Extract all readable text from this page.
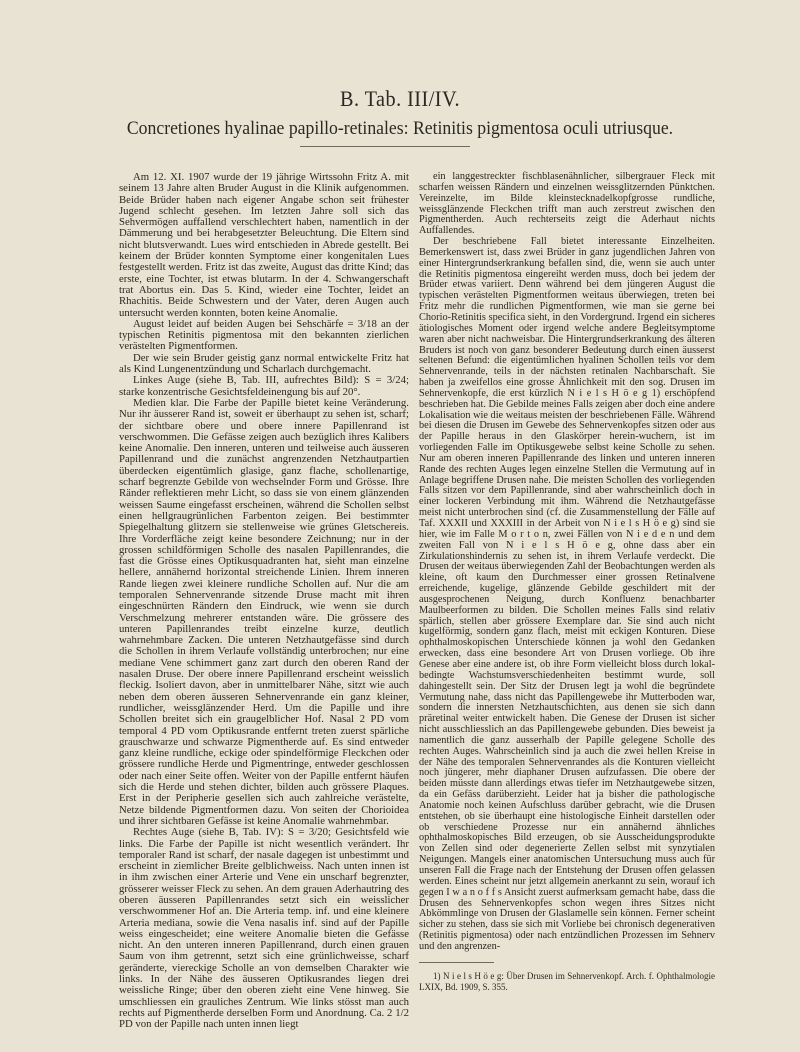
B. Tab. III/IV.
Concretiones hyalinae papillo-retinales: Retinitis pigmentosa oculi utriusque.

Am 12. XI. 1907 wurde der 19 jährige Wirtssohn Fritz A. mit seinem 13 Jahre alten Bruder August in die Klinik aufgenommen. Beide Brüder haben nach eigener Angabe schon seit frühester Jugend schlecht gesehen. Im letzten Jahre soll sich das Sehvermögen auffallend verschlechtert haben, namentlich in der Dämmerung und bei herabgesetzter Beleuchtung. Die Eltern sind nicht blutsverwandt. Lues wird entschieden in Abrede gestellt. Bei keinem der Brüder konnten Symptome einer kongenitalen Lues festgestellt werden. Fritz ist das zweite, August das dritte Kind; das erste, eine Tochter, ist etwas blutarm. In der 4. Schwangerschaft trat Abortus ein. Das 5. Kind, wieder eine Tochter, leidet an Rhachitis. Beide Schwestern und der Vater, deren Augen auch untersucht werden konnten, boten keine Anomalie.

August leidet auf beiden Augen bei Sehschärfe = 3/18 an der typischen Retinitis pigmentosa mit den bekannten zierlichen verästelten Pigmentformen.

Der wie sein Bruder geistig ganz normal entwickelte Fritz hat als Kind Lungenentzündung und Scharlach durchgemacht.

Linkes Auge (siehe B, Tab. III, aufrechtes Bild): S = 3/24; starke konzentrische Gesichtsfeldeinengung bis auf 20°.

Medien klar. Die Farbe der Papille bietet keine Veränderung. Nur ihr äusserer Rand ist, soweit er überhaupt zu sehen ist, scharf; der sichtbare obere und obere innere Papillenrand ist verschwommen. Die Gefässe zeigen auch bezüglich ihres Kalibers keine Anomalie. Den inneren, unteren und teilweise auch äusseren Papillenrand und die zunächst angrenzenden Netzhautpartien überdecken eigentümlich glasige, ganz flache, schollenartige, scharf begrenzte Gebilde von wechselnder Form und Grösse. Ihre Ränder reflektieren mehr Licht, so dass sie von einem glänzenden weissen Saume eingefasst erscheinen, während die Schollen selbst einen hellgraugrünlichen Farbenton zeigen. Bei bestimmter Spiegelhaltung glitzern sie stellenweise wie grünes Gletschereis. Ihre Vorderfläche zeigt keine besondere Zeichnung; nur in der grossen schildförmigen Scholle des nasalen Papillenrandes, die fast die Grösse eines Optikusquadranten hat, sieht man einzelne hellere, annähernd horizontal streichende Linien. Ihrem inneren Rande liegen zwei kleinere rundliche Schollen auf. Nur die am temporalen Sehnervenrande sitzende Druse macht mit ihren eingeschnürten Rändern den Eindruck, wie wenn sie durch Verschmelzung mehrerer entstanden wäre. Die grössere des unteren Papillenrandes treibt einzelne kurze, deutlich wahrnehmbare Zacken. Die unteren Netzhautgefässe sind durch die Schollen in ihrem Verlaufe vollständig unterbrochen; nur eine mediane Vene schimmert ganz zart durch den oberen Rand der nasalen Druse. Der obere innere Papillenrand erscheint weisslich fleckig. Isoliert davon, aber in unmittelbarer Nähe, sitzt wie auch neben dem oberen äusseren Sehnervenrande ein ganz kleiner, rundlicher, weissglänzender Herd. Um die Papille und ihre Schollen breitet sich ein graugelblicher Hof. Nasal 2 PD vom temporal 4 PD vom Optikusrande entfernt treten zuerst spärliche grauschwarze und schwarze Pigmentherde auf. Es sind entweder ganz kleine rundliche, eckige oder spindelförmige Fleckchen oder grössere rundliche Herde und Pigmentringe, entweder geschlossen oder nach einer Seite offen. Weiter von der Papille entfernt häufen sich die Herde und stehen dichter, bilden auch grössere Plaques. Erst in der Peripherie gesellen sich auch zahlreiche verästelte, Netze bildende Pigmentformen dazu. Von seiten der Chorioidea und ihrer sichtbaren Gefässe ist keine Anomalie wahrnehmbar.

Rechtes Auge (siehe B, Tab. IV): S = 3/20; Gesichtsfeld wie links. Die Farbe der Papille ist nicht wesentlich verändert. Ihr temporaler Rand ist scharf, der nasale dagegen ist unbestimmt und erscheint in ziemlicher Breite gelblichweiss. Nach unten innen ist in ihm zwischen einer Arterie und Vene ein unscharf begrenzter, grösserer weisser Fleck zu sehen. An dem grauen Aderhautring des oberen äusseren Papillenrandes setzt sich ein weisslicher verschwommener Hof an. Die Arteria temp. inf. und eine kleinere Arteria mediana, sowie die Vena nasalis inf. sind auf der Papille weiss eingescheidet; eine weitere Anomalie bieten die Gefässe nicht. An den unteren inneren Papillenrand, durch einen grauen Saum von ihm getrennt, setzt sich eine grünlichweisse, scharf geränderte, viereckige Scholle an von demselben Charakter wie links. In der Nähe des äusseren Optikusrandes liegen drei weissliche Ringe; über den oberen zieht eine Vene hinweg. Sie umschliessen ein grauliches Zentrum. Wie links stösst man auch rechts auf Pigmentherde derselben Form und Anordnung. Ca. 2 1/2 PD von der Papille nach unten innen liegt

ein langgestreckter fischblasenähnlicher, silbergrauer Fleck mit scharfen weissen Rändern und einzelnen weissglitzernden Pünktchen. Vereinzelte, im Bilde kleinstecknadelkopfgrosse rundliche, weissglänzende Fleckchen trifft man auch zerstreut zwischen den Pigmentherden. Auch rechterseits zeigt die Aderhaut nichts Auffallendes.

Der beschriebene Fall bietet interessante Einzelheiten. Bemerkenswert ist, dass zwei Brüder in ganz jugendlichen Jahren von einer Hintergrundserkrankung befallen sind, die, wenn sie auch unter die Retinitis pigmentosa eingereiht werden muss, doch bei jedem der Brüder etwas variiert. Denn während bei dem jüngeren August die typischen verästelten Pigmentformen weitaus überwiegen, treten bei Fritz mehr die rundlichen Pigmentformen, wie man sie gerne bei Chorio-Retinitis specifica sieht, in den Vordergrund. Irgend ein sicheres ätiologisches Moment oder irgend welche andere Begleitsymptome waren aber nicht nachweisbar. Die Hintergrundserkrankung des älteren Bruders ist noch von ganz besonderer Bedeutung durch einen äusserst seltenen Befund: die eigentümlichen hyalinen Schollen teils vor dem Sehnervenrande, teils in der nächsten retinalen Nachbarschaft. Sie haben ja zweifellos eine grosse Ähnlichkeit mit den sog. Drusen im Sehnervenkopfe, die erst kürzlich N i e l s H ö e g 1) erschöpfend beschrieben hat. Die Gebilde meines Falls zeigen aber doch eine andere Lokalisation wie die weitaus meisten der beschriebenen Fälle. Während bei diesen die Drusen im Gewebe des Sehnervenkopfes sitzen oder aus der Papille heraus in den Glaskörper herein-wuchern, ist im vorliegenden Falle im Optikusgewebe selbst keine Scholle zu sehen. Nur am oberen inneren Papillenrande des linken und unteren inneren Rande des rechten Auges legen einzelne Stellen die Vermutung auf in Anlage begriffene Drusen nahe. Die meisten Schollen des vorliegenden Falls sitzen vor dem Papillenrande, sind aber wahrscheinlich doch in einer lockeren Verbindung mit ihm. Während die Netzhautgefässe meist nicht unterbrochen sind (cf. die Zusammenstellung der Fälle auf Taf. XXXII und XXXIII in der Arbeit von N i e l s H ö e g) sind sie hier, wie im Falle M o r t o n, zwei Fällen von N i e d e n und dem zweiten Fall von N i e l s H ö e g, ohne dass aber ein Zirkulationshindernis zu sehen ist, in ihrem Verlaufe verdeckt. Die Drusen der weitaus überwiegenden Zahl der Beobachtungen werden als kleine, oft kaum den Durchmesser einer grossen Retinalvene erreichende, kugelige, glänzende Gebilde geschildert mit der ausgesprochenen Neigung, durch Konfluenz benachbarter Maulbeerformen zu bilden. Die Schollen meines Falls sind relativ spärlich, stellen aber grössere Exemplare dar. Sie sind auch nicht kugelförmig, sondern ganz flach, meist mit eckigen Konturen. Diese ophthalmoskopischen Unterschiede können ja wohl den Gedanken erwecken, dass eine besondere Art von Drusen vorliege. Ob ihre Genese aber eine andere ist, ob ihre Form vielleicht bloss durch lokal-bedingte Wachstumsverschiedenheiten bestimmt wurde, soll dahingestellt sein. Der Sitz der Drusen legt ja wohl die begründete Vermutung nahe, dass nicht das Papillengewebe ihr Mutterboden war, sondern die innersten Netzhautschichten, aus denen sie sich dann präretinal weiter entwickelt haben. Die Genese der Drusen ist sicher nicht ausschliesslich an das Papillengewebe gebunden. Dies beweist ja namentlich die ganz ausserhalb der Papille gelegene Scholle des rechten Auges. Wahrscheinlich sind ja auch die zwei hellen Kreise in der Nähe des temporalen Sehnervenrandes als die Konturen vielleicht noch jüngerer, mehr diaphaner Drusen aufzufassen. Die obere der beiden müsste dann allerdings etwas tiefer im Netzhautgewebe sitzen, da ein Gefäss darüberzieht. Leider hat ja bisher die pathologische Anatomie noch keinen Aufschluss darüber gebracht, wie die Drusen entstehen, ob sie überhaupt eine histologische Einheit darstellen oder ob verschiedene Prozesse nur ein annähernd ähnliches ophthalmoskopisches Bild erzeugen, ob sie Ausscheidungsprodukte von Zellen sind oder degenerierte Zellen selbst mit synzytialen Neigungen. Mangels einer anatomischen Untersuchung muss auch für unseren Fall die Frage nach der Entstehung der Drusen offen gelassen werden. Eines scheint nur jetzt allgemein anerkannt zu sein, worauf ich gegen I w a n o f f s Ansicht zuerst aufmerksam gemacht habe, dass die Drusen des Sehnervenkopfes schon wegen ihres Sitzes nicht Abkömmlinge von Drusen der Glaslamelle sein können. Ferner scheint sicher zu stehen, dass sie sich mit Vorliebe bei chronisch degenerativen (Retinitis pigmentosa) oder nach entzündlichen Prozessen im Sehnerv und den angrenzen-

1) N i e l s H ö e g: Über Drusen im Sehnervenkopf. Arch. f. Ophthalmologie LXIX, Bd. 1909, S. 355.
